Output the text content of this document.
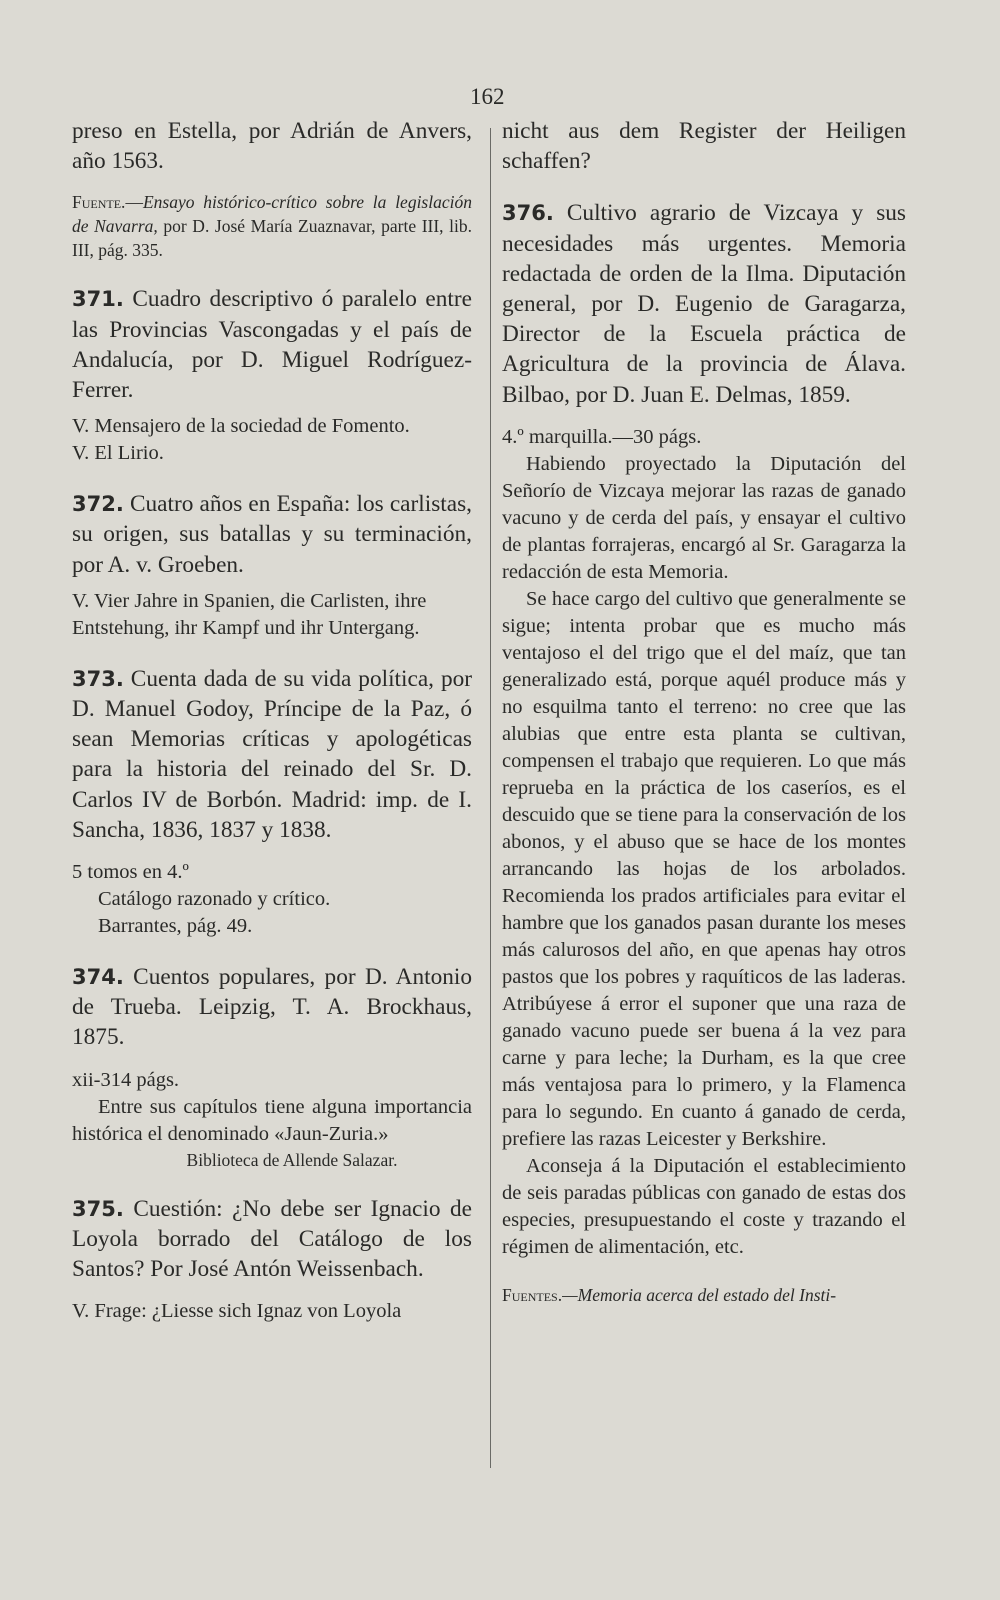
162

preso en Estella, por Adrián de Anvers, año 1563.

Fuente.—Ensayo histórico-crítico sobre la legislación de Navarra, por D. José María Zuaznavar, parte III, lib. III, pág. 335.

371. Cuadro descriptivo ó paralelo entre las Provincias Vascongadas y el país de Andalucía, por D. Miguel Rodríguez-Ferrer.

V. Mensajero de la sociedad de Fomento.

V. El Lirio.

372. Cuatro años en España: los carlistas, su origen, sus batallas y su terminación, por A. v. Groeben.

V. Vier Jahre in Spanien, die Carlisten, ihre Entstehung, ihr Kampf und ihr Untergang.

373. Cuenta dada de su vida política, por D. Manuel Godoy, Príncipe de la Paz, ó sean Memorias críticas y apologéticas para la historia del reinado del Sr. D. Carlos IV de Borbón. Madrid: imp. de I. Sancha, 1836, 1837 y 1838.

5 tomos en 4.º

Catálogo razonado y crítico.

Barrantes, pág. 49.

374. Cuentos populares, por D. Antonio de Trueba. Leipzig, T. A. Brockhaus, 1875.

xii-314 págs.

Entre sus capítulos tiene alguna importancia histórica el denominado «Jaun-Zuria.»

Biblioteca de Allende Salazar.

375. Cuestión: ¿No debe ser Ignacio de Loyola borrado del Catálogo de los Santos? Por José Antón Weissenbach.

V. Frage: ¿Liesse sich Ignaz von Loyola

nicht aus dem Register der Heiligen schaffen?

376. Cultivo agrario de Vizcaya y sus necesidades más urgentes. Memoria redactada de orden de la Ilma. Diputación general, por D. Eugenio de Garagarza, Director de la Escuela práctica de Agricultura de la provincia de Álava. Bilbao, por D. Juan E. Delmas, 1859.

4.º marquilla.—30 págs.

Habiendo proyectado la Diputación del Señorío de Vizcaya mejorar las razas de ganado vacuno y de cerda del país, y ensayar el cultivo de plantas forrajeras, encargó al Sr. Garagarza la redacción de esta Memoria.

Se hace cargo del cultivo que generalmente se sigue; intenta probar que es mucho más ventajoso el del trigo que el del maíz, que tan generalizado está, porque aquél produce más y no esquilma tanto el terreno: no cree que las alubias que entre esta planta se cultivan, compensen el trabajo que requieren. Lo que más reprueba en la práctica de los caseríos, es el descuido que se tiene para la conservación de los abonos, y el abuso que se hace de los montes arrancando las hojas de los arbolados. Recomienda los prados artificiales para evitar el hambre que los ganados pasan durante los meses más calurosos del año, en que apenas hay otros pastos que los pobres y raquíticos de las laderas. Atribúyese á error el suponer que una raza de ganado vacuno puede ser buena á la vez para carne y para leche; la Durham, es la que cree más ventajosa para lo primero, y la Flamenca para lo segundo. En cuanto á ganado de cerda, prefiere las razas Leicester y Berkshire.

Aconseja á la Diputación el establecimiento de seis paradas públicas con ganado de estas dos especies, presupuestando el coste y trazando el régimen de alimentación, etc.

Fuentes.—Memoria acerca del estado del Insti-
